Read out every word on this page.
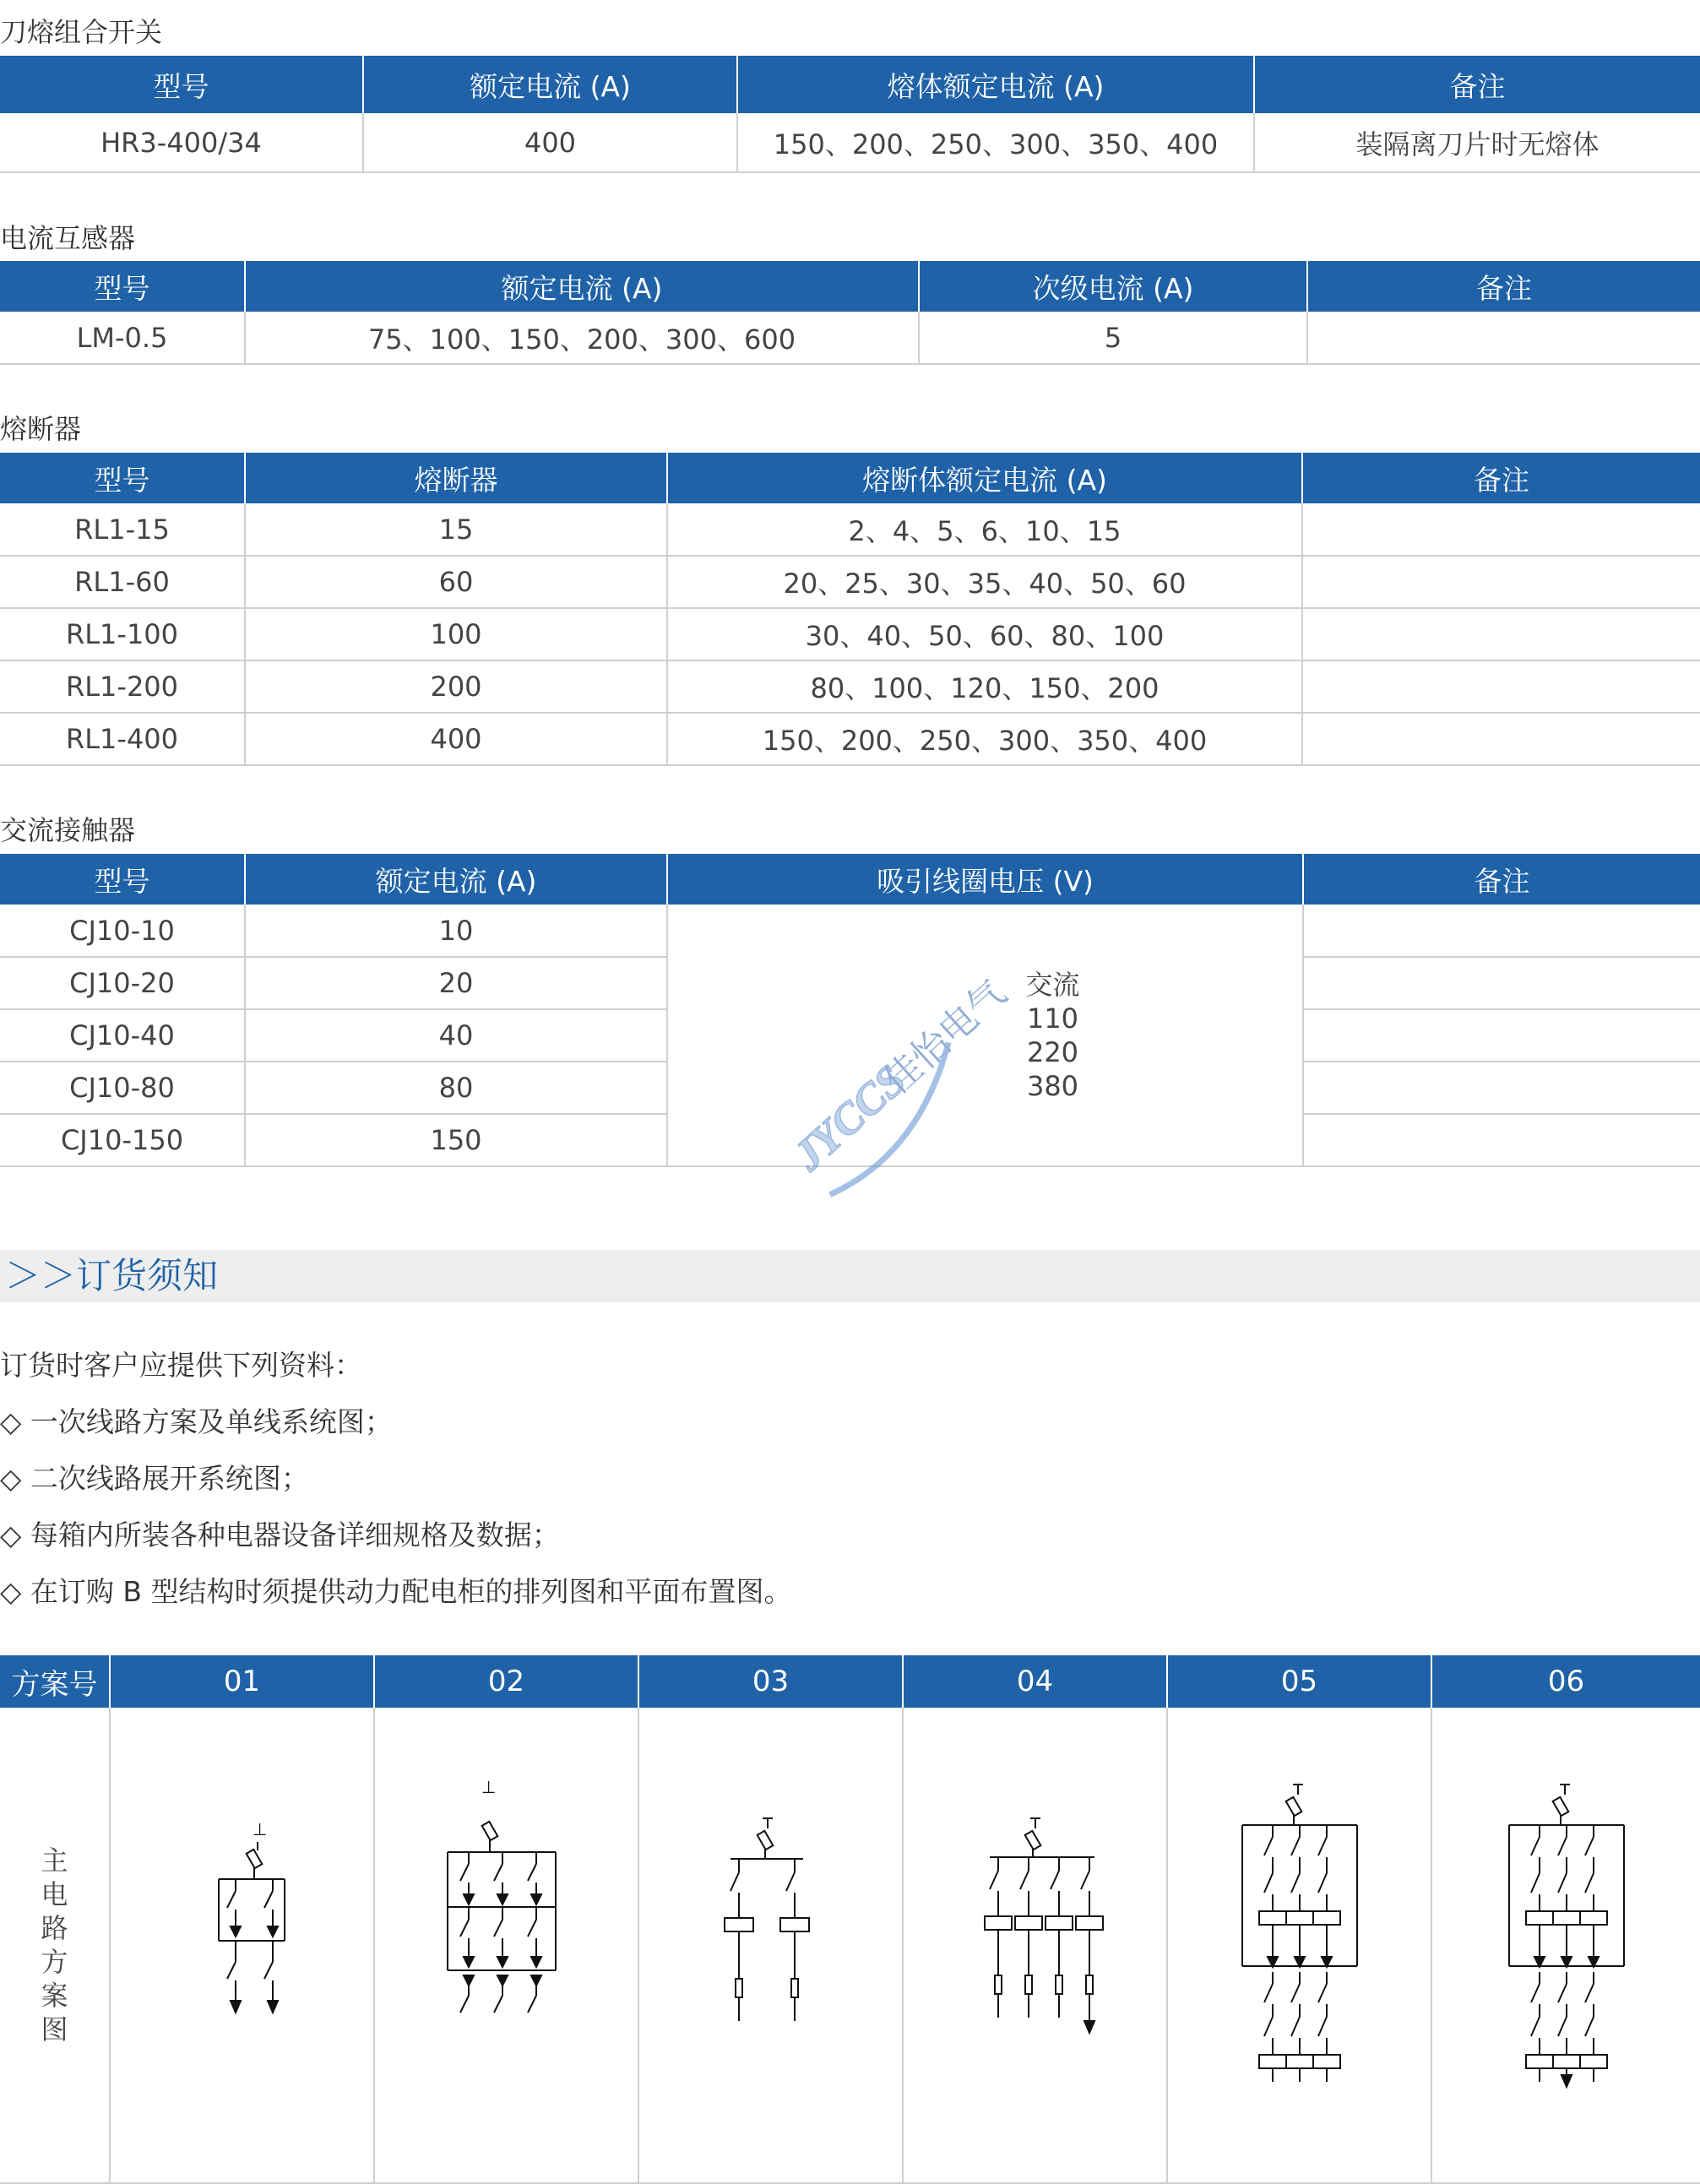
刀熔组合开关
型号	额定电流 (A)	熔体额定电流 (A)	备注
HR3-400/34	400	150、200、250、300、350、400	装隔离刀片时无熔体
电流互感器
型号	额定电流 (A)	次级电流 (A)	备注
LM-0.5	75、100、150、200、300、600	5	
熔断器
型号	熔断器	熔断体额定电流 (A)	备注
RL1-15	15	2、4、5、6、10、15	
RL1-60	60	20、25、30、35、40、50、60	
RL1-100	100	30、40、50、60、80、100	
RL1-200	200	80、100、120、150、200	
RL1-400	400	150、200、250、300、350、400	
交流接触器
型号	额定电流 (A)	吸引线圈电压 (V)	备注
CJ10-10	10	交流
110
220
380	

CJ10-20	20		
CJ10-40	40		
CJ10-80	80		
CJ10-150	150			JYCCS
佳怡电气
＞＞订货须知
订货时客户应提供下列资料：
◇ 一次线路方案及单线系统图；
◇ 二次线路展开系统图；
◇ 每箱内所装各种电器设备详细规格及数据；
◇ 在订购 B 型结构时须提供动力配电柜的排列图和平面布置图。
方案号	01	02	03	04	05	06

主电路方案图	⊥	⊥
